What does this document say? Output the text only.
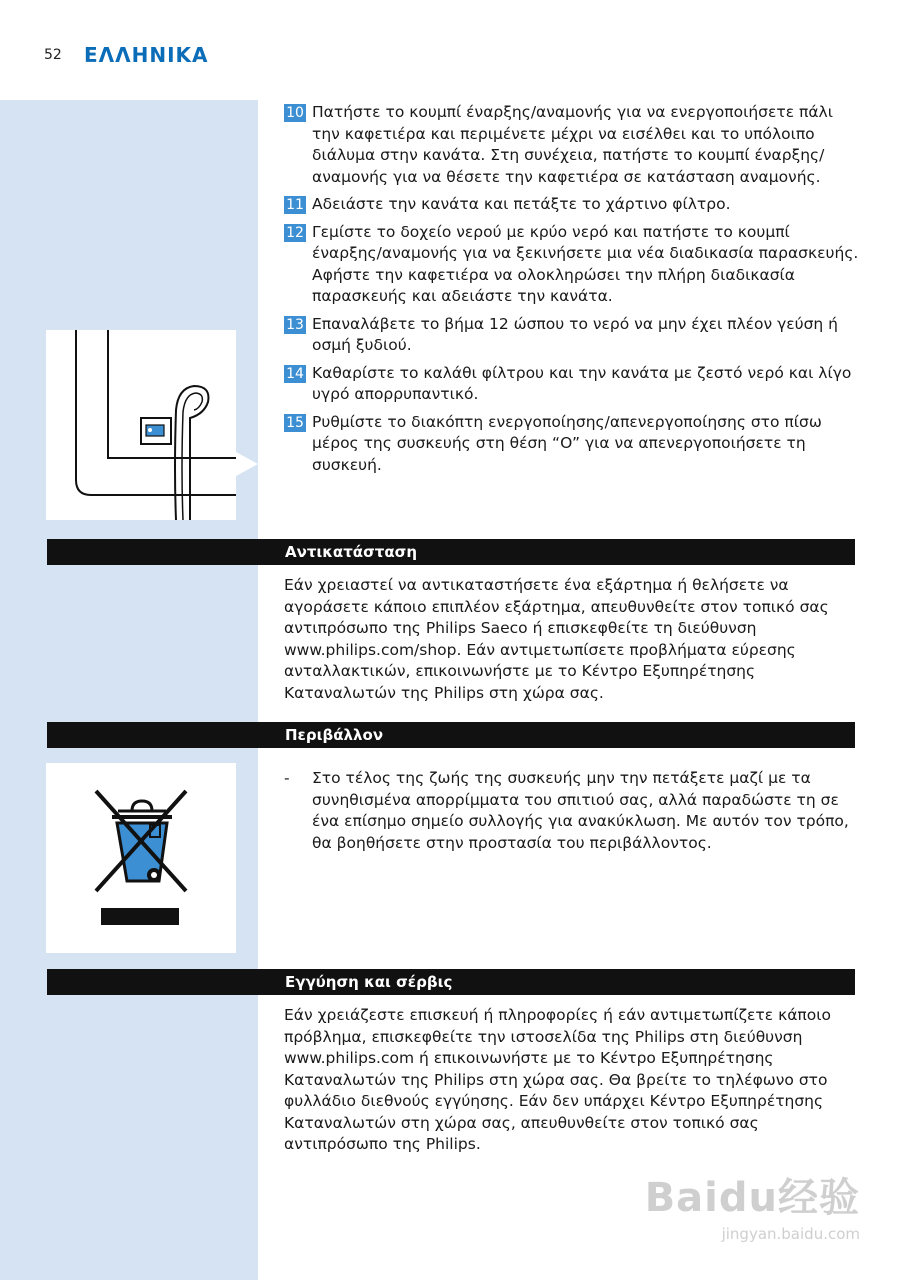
52 ΕΛΛΗΝΙΚΑ
10 Πατήστε το κουμπί έναρξης/αναμονής για να ενεργοποιήσετε πάλι την καφετιέρα και περιμένετε μέχρι να εισέλθει και το υπόλοιπο διάλυμα στην κανάτα. Στη συνέχεια, πατήστε το κουμπί έναρξης/αναμονής για να θέσετε την καφετιέρα σε κατάσταση αναμονής.
11 Αδειάστε την κανάτα και πετάξτε το χάρτινο φίλτρο.
12 Γεμίστε το δοχείο νερού με κρύο νερό και πατήστε το κουμπί έναρξης/αναμονής για να ξεκινήσετε μια νέα διαδικασία παρασκευής. Αφήστε την καφετιέρα να ολοκληρώσει την πλήρη διαδικασία παρασκευής και αδειάστε την κανάτα.
13 Επαναλάβετε το βήμα 12 ώσπου το νερό να μην έχει πλέον γεύση ή οσμή ξυδιού.
14 Καθαρίστε το καλάθι φίλτρου και την κανάτα με ζεστό νερό και λίγο υγρό απορρυπαντικό.
15 Ρυθμίστε το διακόπτη ενεργοποίησης/απενεργοποίησης στο πίσω μέρος της συσκευής στη θέση “O” για να απενεργοποιήσετε τη συσκευή.
Αντικατάσταση
Εάν χρειαστεί να αντικαταστήσετε ένα εξάρτημα ή θελήσετε να αγοράσετε κάποιο επιπλέον εξάρτημα, απευθυνθείτε στον τοπικό σας αντιπρόσωπο της Philips Saeco ή επισκεφθείτε τη διεύθυνση www.philips.com/shop. Εάν αντιμετωπίσετε προβλήματα εύρεσης ανταλλακτικών, επικοινωνήστε με το Κέντρο Εξυπηρέτησης Καταναλωτών της Philips στη χώρα σας.
Περιβάλλον
-	Στο τέλος της ζωής της συσκευής μην την πετάξετε μαζί με τα συνηθισμένα απορρίμματα του σπιτιού σας, αλλά παραδώστε τη σε ένα επίσημο σημείο συλλογής για ανακύκλωση. Με αυτόν τον τρόπο, θα βοηθήσετε στην προστασία του περιβάλλοντος.
Εγγύηση και σέρβις
Εάν χρειάζεστε επισκευή ή πληροφορίες ή εάν αντιμετωπίζετε κάποιο πρόβλημα, επισκεφθείτε την ιστοσελίδα της Philips στη διεύθυνση www.philips.com ή επικοινωνήστε με το Κέντρο Εξυπηρέτησης Καταναλωτών της Philips στη χώρα σας. Θα βρείτε το τηλέφωνο στο φυλλάδιο διεθνούς εγγύησης. Εάν δεν υπάρχει Κέντρο Εξυπηρέτησης Καταναλωτών στη χώρα σας, απευθυνθείτε στον τοπικό σας αντιπρόσωπο της Philips.
Baidu经验
jingyan.baidu.com
